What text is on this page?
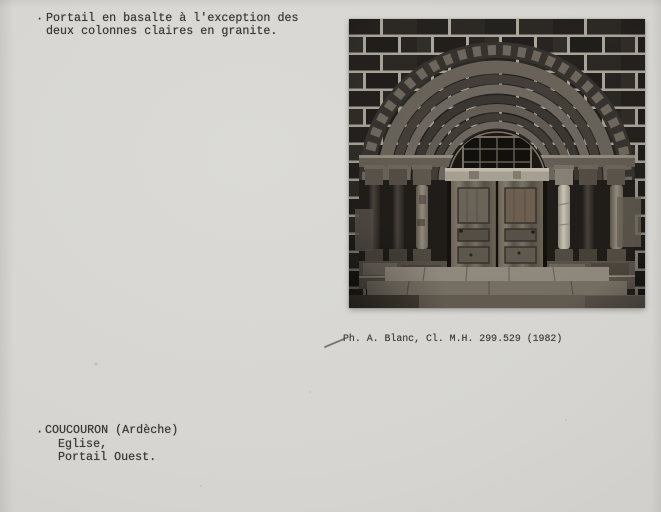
· Portail en basalte à l'exception des
deux colonnes claires en granite.
Ph. A. Blanc, Cl. M.H. 299.529 (1982)
· COUCOURON (Ardèche)
Eglise,
Portail Ouest.
